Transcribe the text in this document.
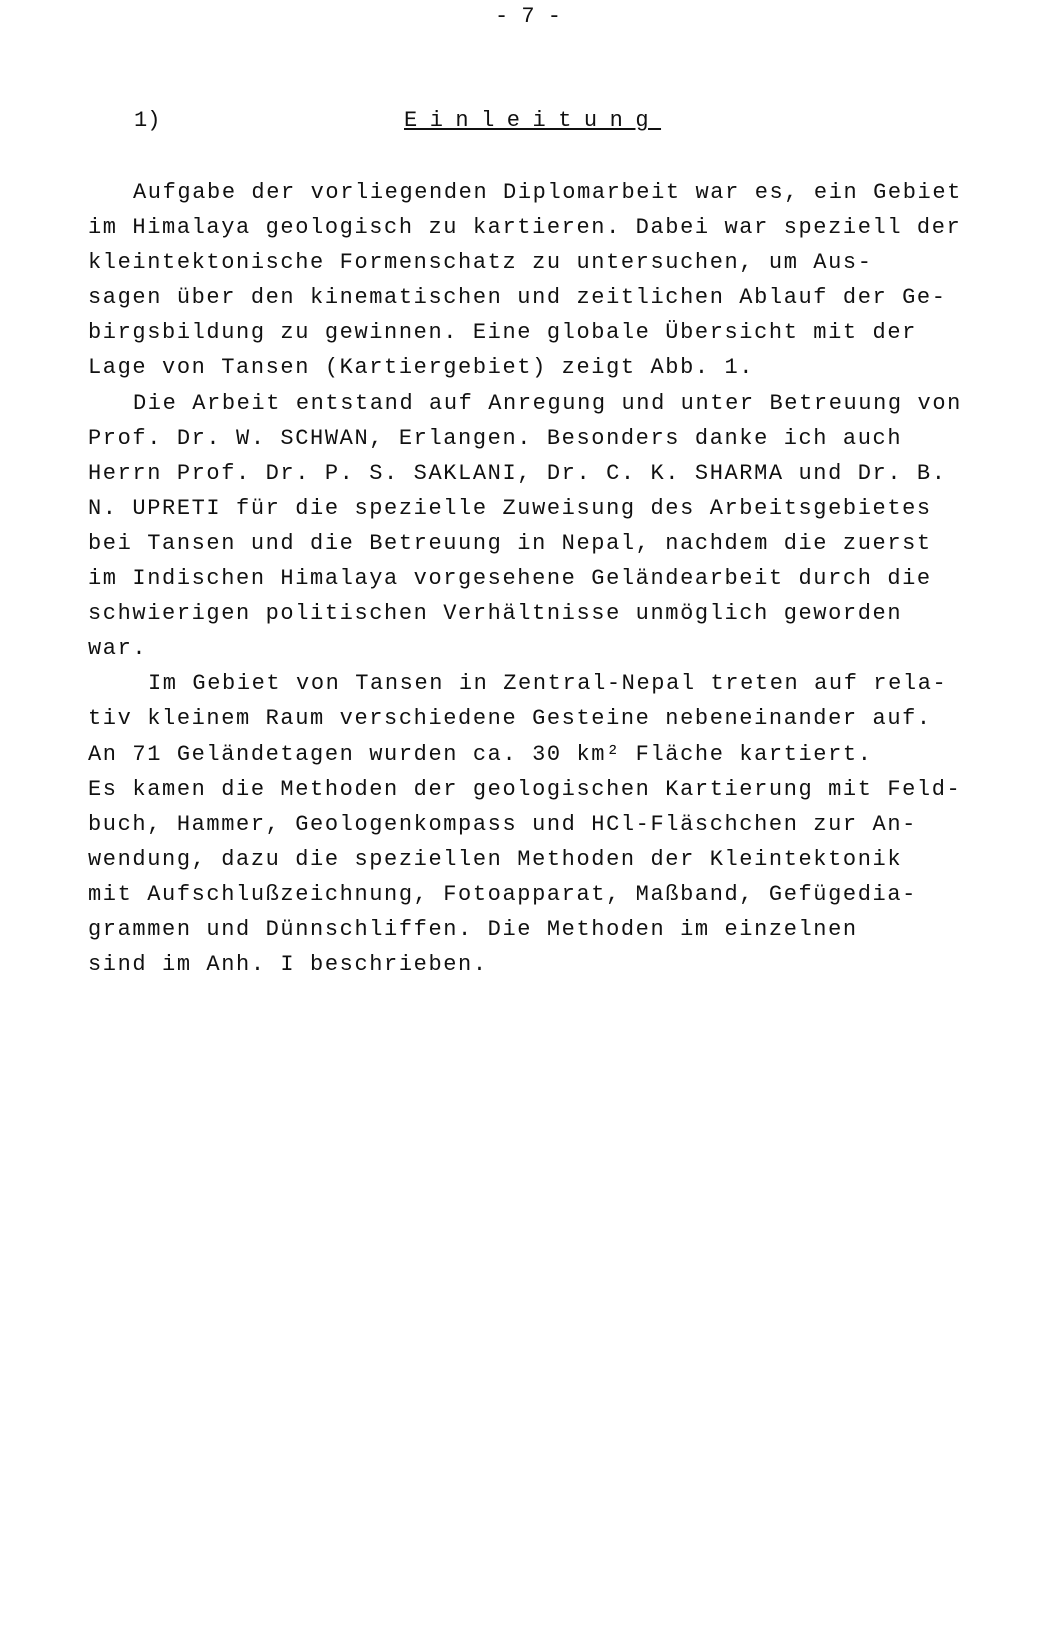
- 7 -
1)	Einleitung
Aufgabe der vorliegenden Diplomarbeit war es, ein Gebiet
im Himalaya geologisch zu kartieren. Dabei war speziell der
kleintektonische Formenschatz zu untersuchen, um Aus-
sagen über den kinematischen und zeitlichen Ablauf der Ge-
birgsbildung zu gewinnen. Eine globale Übersicht mit der
Lage von Tansen (Kartiergebiet) zeigt Abb. 1.
Die Arbeit entstand auf Anregung und unter Betreuung von
Prof. Dr. W. SCHWAN, Erlangen. Besonders danke ich auch
Herrn Prof. Dr. P. S. SAKLANI, Dr. C. K. SHARMA und Dr. B.
N. UPRETI für die spezielle Zuweisung des Arbeitsgebietes
bei Tansen und die Betreuung in Nepal, nachdem die zuerst
im Indischen Himalaya vorgesehene Geländearbeit durch die
schwierigen politischen Verhältnisse unmöglich geworden
war.
Im Gebiet von Tansen in Zentral-Nepal treten auf rela-
tiv kleinem Raum verschiedene Gesteine nebeneinander auf.
An 71 Geländetagen wurden ca. 30 km² Fläche kartiert.
Es kamen die Methoden der geologischen Kartierung mit Feld-
buch, Hammer, Geologenkompass und HCl-Fläschchen zur An-
wendung, dazu die speziellen Methoden der Kleintektonik
mit Aufschlußzeichnung, Fotoapparat, Maßband, Gefügedia-
grammen und Dünnschliffen. Die Methoden im einzelnen
sind im Anh. I beschrieben.
